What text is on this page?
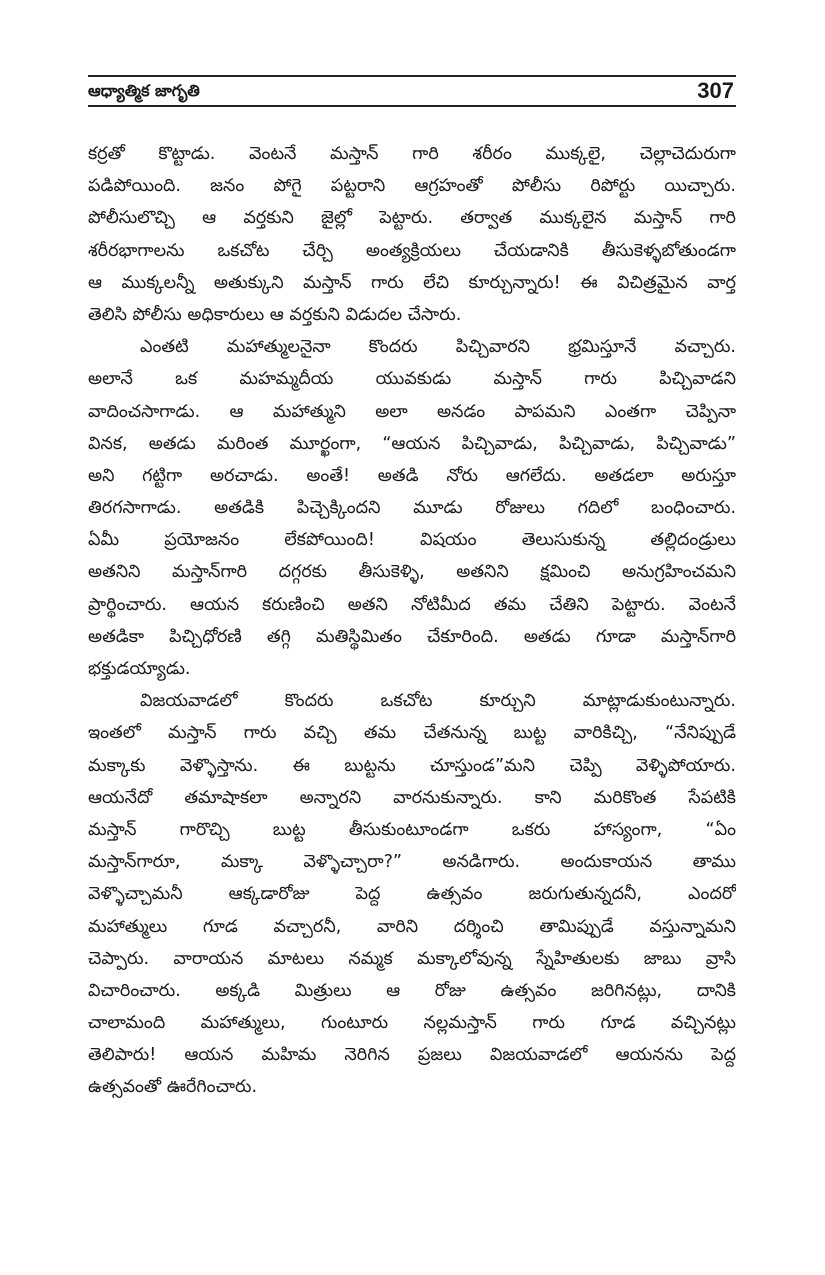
ఆధ్యాత్మిక జాగృతి	307
కర్రతో కొట్టాడు. వెంటనే మస్తాన్ గారి శరీరం ముక్కలై, చెల్లాచెదురుగా
పడిపోయింది. జనం పోగై పట్టరాని ఆగ్రహంతో పోలీసు రిపోర్టు యిచ్చారు.
పోలీసులొచ్చి ఆ వర్తకుని జైల్లో పెట్టారు. తర్వాత ముక్కలైన మస్తాన్ గారి
శరీరభాగాలను ఒకచోట చేర్చి అంత్యక్రియలు చేయడానికి తీసుకెళ్ళబోతుండగా
ఆ ముక్కలన్నీ అతుక్కుని మస్తాన్ గారు లేచి కూర్చున్నారు! ఈ విచిత్రమైన వార్త
తెలిసి పోలీసు అధికారులు ఆ వర్తకుని విడుదల చేసారు.
ఎంతటి మహాత్ములనైనా కొందరు పిచ్చివారని భ్రమిస్తూనే వచ్చారు.
అలానే ఒక మహమ్మదీయ యువకుడు మస్తాన్ గారు పిచ్చివాడని
వాదించసాగాడు. ఆ మహాత్ముని అలా అనడం పాపమని ఎంతగా చెప్పినా
వినక, అతడు మరింత మూర్ఖంగా, “ఆయన పిచ్చివాడు, పిచ్చివాడు, పిచ్చివాడు”
అని గట్టిగా అరచాడు. అంతే! అతడి నోరు ఆగలేదు. అతడలా అరుస్తూ
తిరగసాగాడు. అతడికి పిచ్చెక్కిందని మూడు రోజులు గదిలో బంధించారు.
ఏమీ ప్రయోజనం లేకపోయింది! విషయం తెలుసుకున్న తల్లిదండ్రులు
అతనిని మస్తాన్‌గారి దగ్గరకు తీసుకెళ్ళి, అతనిని క్షమించి అనుగ్రహించమని
ప్రార్థించారు. ఆయన కరుణించి అతని నోటిమీద తమ చేతిని పెట్టారు. వెంటనే
అతడికా పిచ్చిధోరణి తగ్గి మతిస్థిమితం చేకూరింది. అతడు గూడా మస్తాన్‌గారి
భక్తుడయ్యాడు.
విజయవాడలో కొందరు ఒకచోట కూర్చుని మాట్లాడుకుంటున్నారు.
ఇంతలో మస్తాన్ గారు వచ్చి తమ చేతనున్న బుట్ట వారికిచ్చి, “నేనిప్పుడే
మక్కాకు వెళ్ళొస్తాను. ఈ బుట్టను చూస్తుండ”మని చెప్పి వెళ్ళిపోయారు.
ఆయనేదో తమాషాకలా అన్నారని వారనుకున్నారు. కాని మరికొంత సేపటికి
మస్తాన్ గారొచ్చి బుట్ట తీసుకుంటూండగా ఒకరు హాస్యంగా, “ఏం
మస్తాన్‌గారూ, మక్కా వెళ్ళొచ్చారా?” అనడిగారు. అందుకాయన తాము
వెళ్ళొచ్చామనీ ఆక్కడారోజు పెద్ద ఉత్సవం జరుగుతున్నదనీ, ఎందరో
మహాత్ములు గూడ వచ్చారనీ, వారిని దర్శించి తామిప్పుడే వస్తున్నామని
చెప్పారు. వారాయన మాటలు నమ్మక మక్కాలోవున్న స్నేహితులకు జాబు వ్రాసి
విచారించారు. అక్కడి మిత్రులు ఆ రోజు ఉత్సవం జరిగినట్లు, దానికి
చాలామంది మహాత్ములు, గుంటూరు నల్లమస్తాన్ గారు గూడ వచ్చినట్లు
తెలిపారు! ఆయన మహిమ నెరిగిన ప్రజలు విజయవాడలో ఆయనను పెద్ద
ఉత్సవంతో ఊరేగించారు.
